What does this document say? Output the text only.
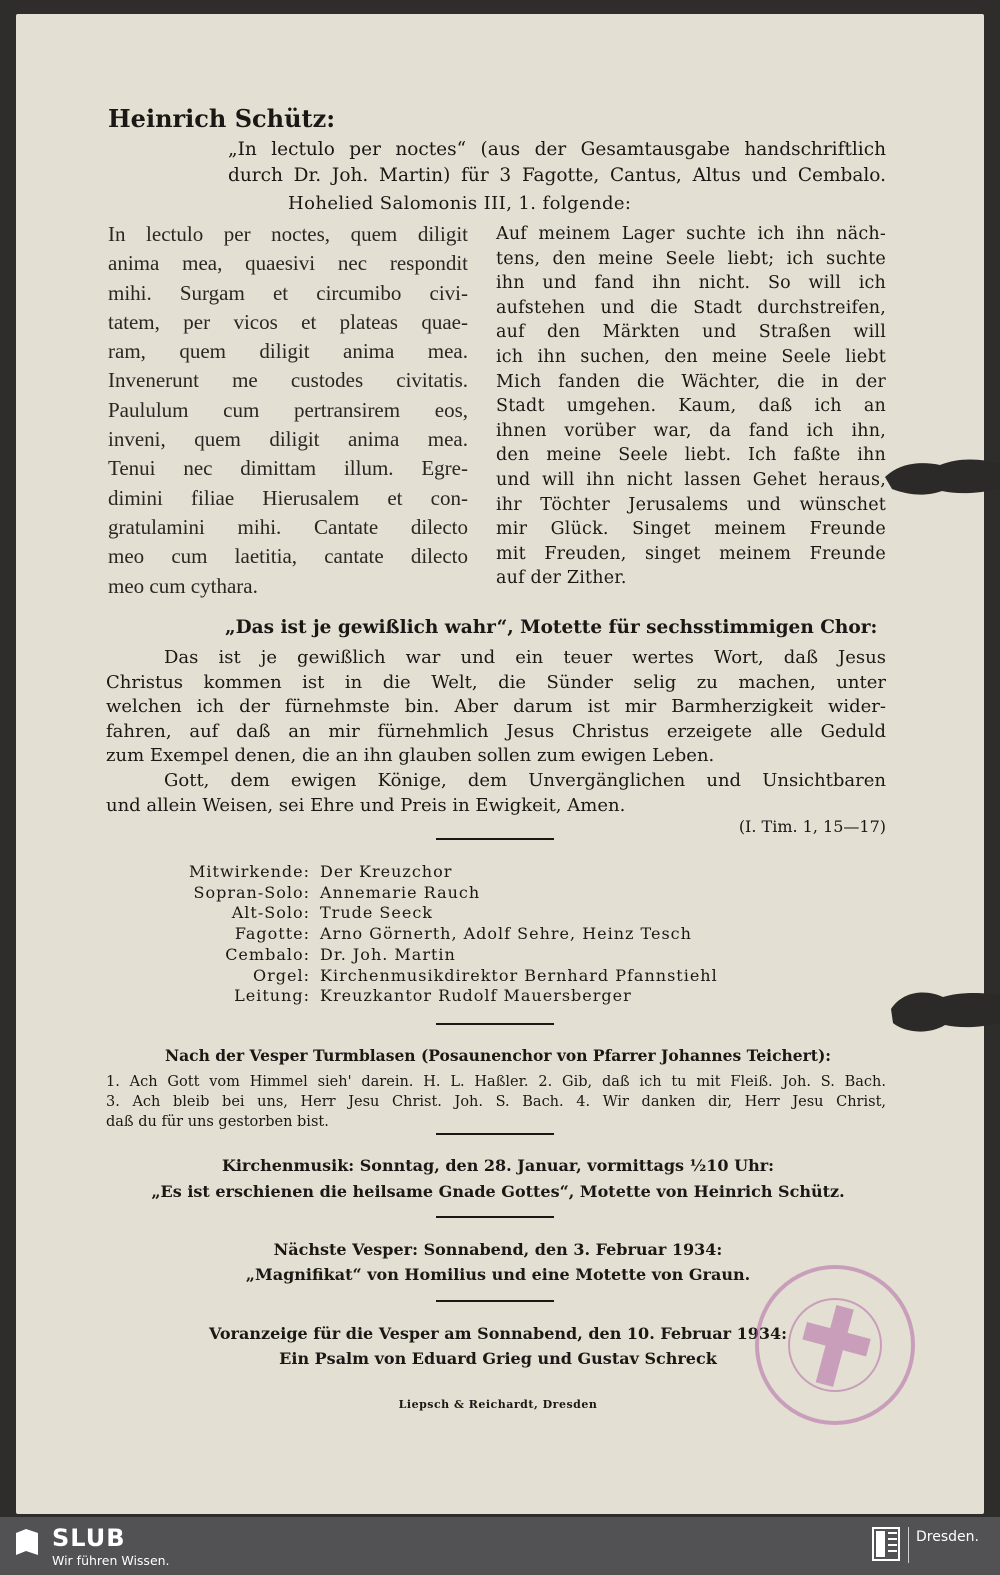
Heinrich Schütz:
„In lectulo per noctes“ (aus der Gesamtausgabe handschriftlich
durch Dr. Joh. Martin) für 3 Fagotte, Cantus, Altus und Cembalo.
Hohelied Salomonis III, 1. folgende:
In lectulo per noctes, quem diligit
anima mea, quaesivi nec respondit
mihi. Surgam et circumibo civi-
tatem, per vicos et plateas quae-
ram, quem diligit anima mea.
Invenerunt me custodes civitatis.
Paululum cum pertransirem eos,
inveni, quem diligit anima mea.
Tenui nec dimittam illum. Egre-
dimini filiae Hierusalem et con-
gratulamini mihi. Cantate dilecto
meo cum laetitia, cantate dilecto
meo cum cythara.
Auf meinem Lager suchte ich ihn näch-
tens, den meine Seele liebt; ich suchte
ihn und fand ihn nicht. So will ich
aufstehen und die Stadt durchstreifen,
auf den Märkten und Straßen will
ich ihn suchen, den meine Seele liebt
Mich fanden die Wächter, die in der
Stadt umgehen. Kaum, daß ich an
ihnen vorüber war, da fand ich ihn,
den meine Seele liebt. Ich faßte ihn
und will ihn nicht lassen Gehet heraus,
ihr Töchter Jerusalems und wünschet
mir Glück. Singet meinem Freunde
mit Freuden, singet meinem Freunde
auf der Zither.
„Das ist je gewißlich wahr“, Motette für sechsstimmigen Chor:
Das ist je gewißlich war und ein teuer wertes Wort, daß Jesus
Christus kommen ist in die Welt, die Sünder selig zu machen, unter
welchen ich der fürnehmste bin. Aber darum ist mir Barmherzigkeit wider-
fahren, auf daß an mir fürnehmlich Jesus Christus erzeigete alle Geduld
zum Exempel denen, die an ihn glauben sollen zum ewigen Leben.
Gott, dem ewigen Könige, dem Unvergänglichen und Unsichtbaren
und allein Weisen, sei Ehre und Preis in Ewigkeit, Amen.
(I. Tim. 1, 15—17)
Mitwirkende: Der Kreuzchor
Sopran-Solo: Annemarie Rauch
Alt-Solo: Trude Seeck
Fagotte: Arno Görnerth, Adolf Sehre, Heinz Tesch
Cembalo: Dr. Joh. Martin
Orgel: Kirchenmusikdirektor Bernhard Pfannstiehl
Leitung: Kreuzkantor Rudolf Mauersberger
Nach der Vesper Turmblasen (Posaunenchor von Pfarrer Johannes Teichert):
1. Ach Gott vom Himmel sieh' darein. H. L. Haßler. 2. Gib, daß ich tu mit Fleiß. Joh. S. Bach.
3. Ach bleib bei uns, Herr Jesu Christ. Joh. S. Bach. 4. Wir danken dir, Herr Jesu Christ,
daß du für uns gestorben bist.
Kirchenmusik: Sonntag, den 28. Januar, vormittags ½10 Uhr:
„Es ist erschienen die heilsame Gnade Gottes“, Motette von Heinrich Schütz.
Nächste Vesper: Sonnabend, den 3. Februar 1934:
„Magnifikat“ von Homilius und eine Motette von Graun.
Voranzeige für die Vesper am Sonnabend, den 10. Februar 1934:
Ein Psalm von Eduard Grieg und Gustav Schreck
Liepsch & Reichardt, Dresden
SLUB
Wir führen Wissen.
Dresden.
